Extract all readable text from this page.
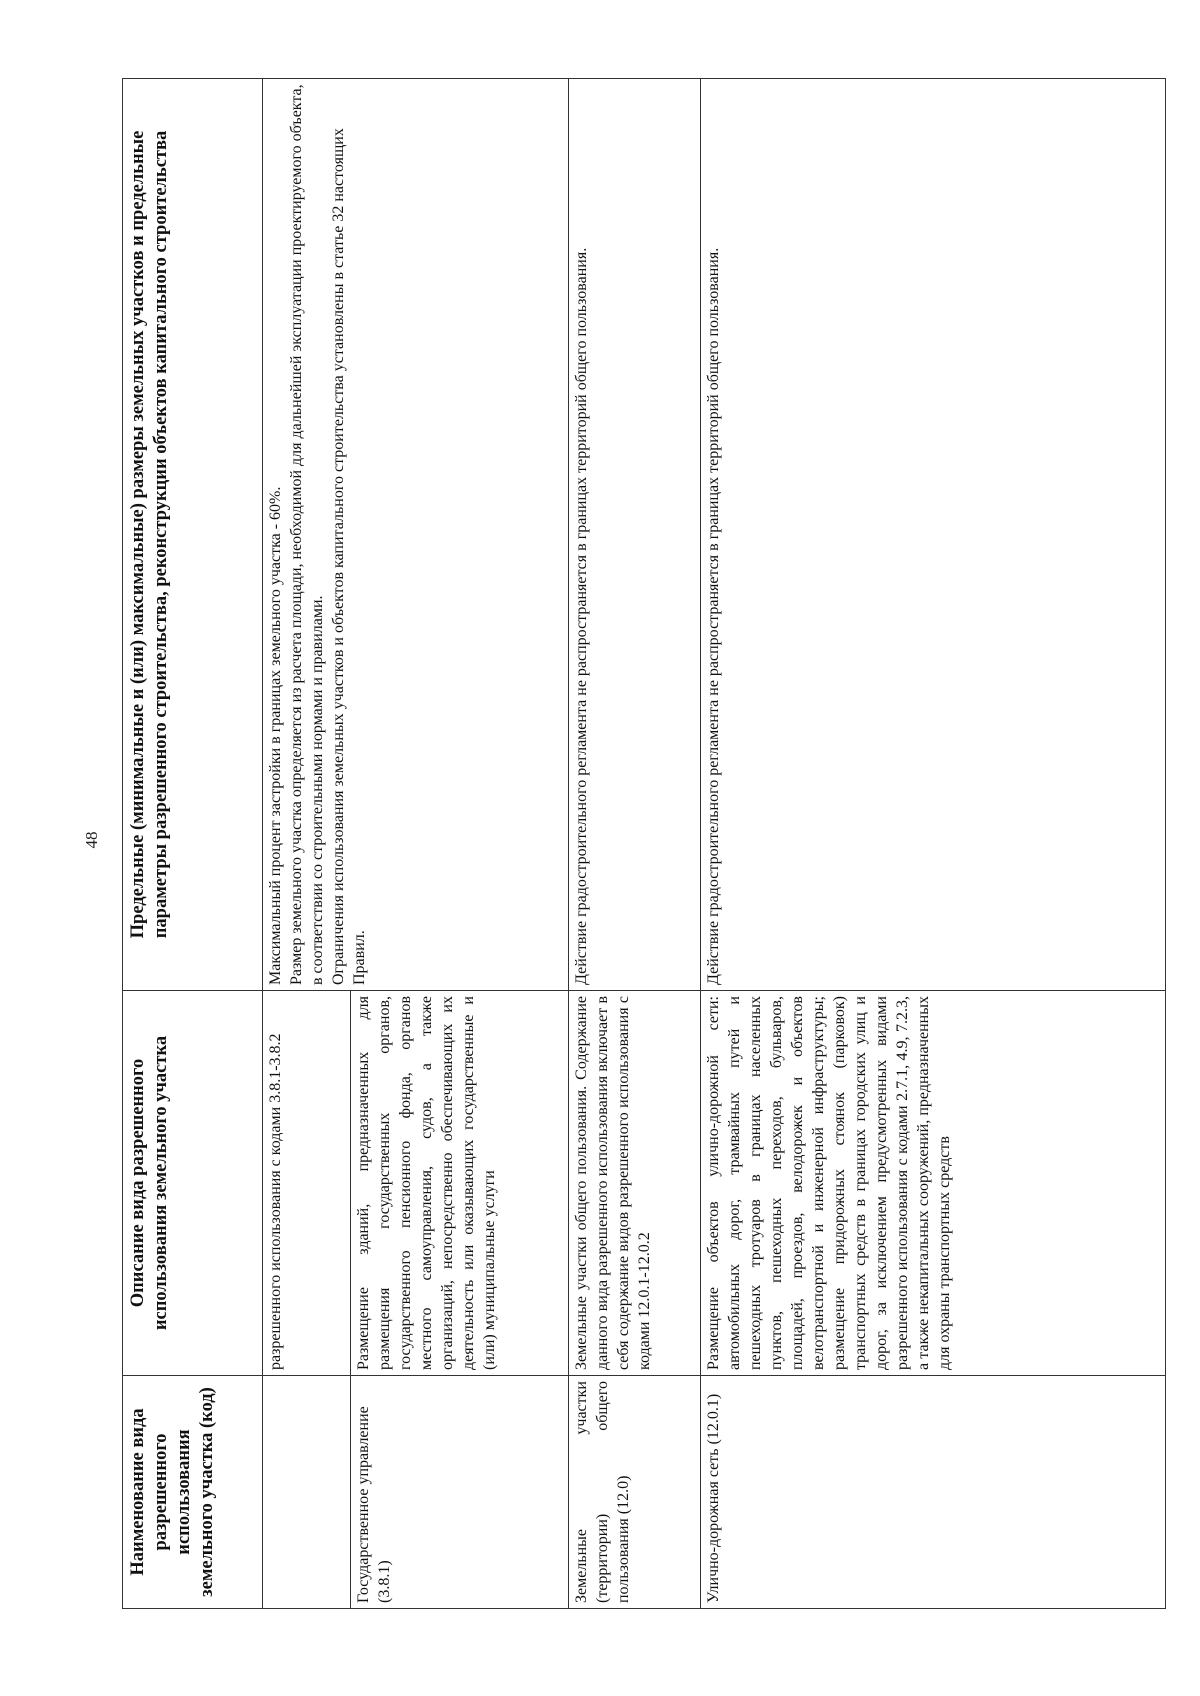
48
Наименование вида разрешенного использования земельного участка (код)	Описание вида разрешенного использования земельного участка	Предельные (минимальные и (или) максимальные) размеры земельных участков и предельные параметры разрешенного строительства, реконструкции объектов капитального строительства
	разрешенного использования с кодами 3.8.1-3.8.2	Максимальный процент застройки в границах земельного участка - 60%. Размер земельного участка определяется из расчета площади, необходимой для дальнейшей эксплуатации проектируемого объекта, в соответствии со строительными нормами и правилами. Ограничения использования земельных участков и объектов капитального строительства установлены в статье 32 настоящих Правил.

Государственное управление (3.8.1)	Размещение зданий, предназначенных для размещения государственных органов, государственного пенсионного фонда, органов местного самоуправления, судов, а также организаций, непосредственно обеспечивающих их деятельность или оказывающих государственные и (или) муниципальные услуги	
Земельные участки (территории) общего пользования (12.0)	Земельные участки общего пользования. Содержание данного вида разрешенного использования включает в себя содержание видов разрешенного использования с кодами 12.0.1-12.0.2	Действие градостроительного регламента не распространяется в границах территорий общего пользования.
Улично-дорожная сеть (12.0.1)	Размещение объектов улично-дорожной сети: автомобильных дорог, трамвайных путей и пешеходных тротуаров в границах населенных пунктов, пешеходных переходов, бульваров, площадей, проездов, велодорожек и объектов велотранспортной и инженерной инфраструктуры; размещение придорожных стоянок (парковок) транспортных средств в границах городских улиц и дорог, за исключением предусмотренных видами разрешенного использования с кодами 2.7.1, 4.9, 7.2.3, а также некапитальных сооружений, предназначенных для охраны транспортных средств	Действие градостроительного регламента не распространяется в границах территорий общего пользования.
